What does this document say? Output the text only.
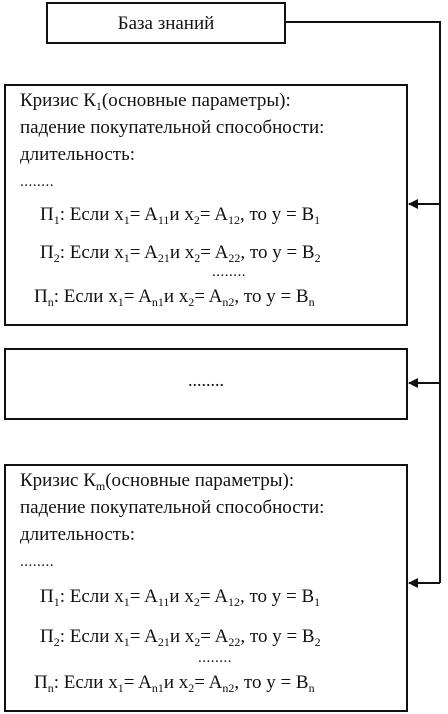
База знаний
Кризис $К_1(основные$ параметры):
падение покупательной способности:
длительность:
........
$П_1$: Если $x_1= A_{11}и$ $x_2= A_{12}$, то $y = B_1$
$П_2$: Если $x_1= A_{21}и$ $x_2= A_{22}$, то $y = B_2$
........
$П_n$: Если $x_1= A_{n1}и$ $x_2= A_{n2}$, то $y = B_n$
........
Кризис $К_m(основные$ параметры):
падение покупательной способности:
длительность:
........
$П_1$: Если $x_1= A_{11}и$ $x_2= A_{12}$, то $y = B_1$
$П_2$: Если $x_1= A_{21}и$ $x_2= A_{22}$, то $y = B_2$
........
$П_n$: Если $x_1= A_{n1}и$ $x_2= A_{n2}$, то $y = B_n$
